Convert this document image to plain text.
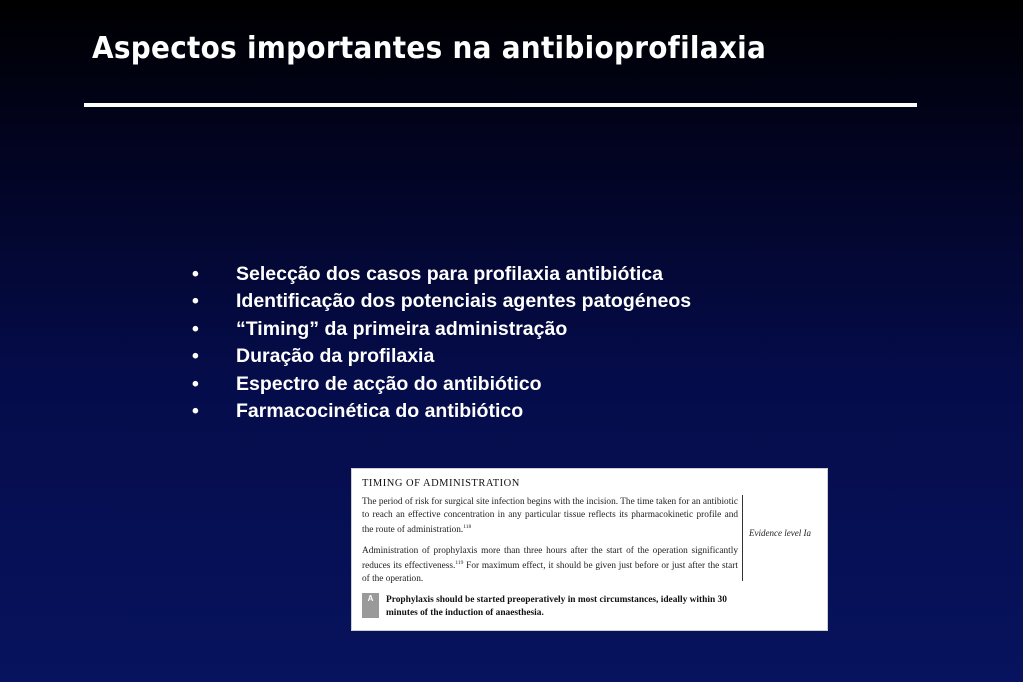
Aspectos importantes na antibioprofilaxia
•	Selecção dos casos para profilaxia antibiótica
•	Identificação dos potenciais agentes patogéneos
•	“Timing” da primeira administração
•	Duração da profilaxia
•	Espectro de acção do antibiótico
•	Farmacocinética do antibiótico
TIMING OF ADMINISTRATION

The period of risk for surgical site infection begins with the incision. The time taken for an antibiotic to reach an effective concentration in any particular tissue reflects its pharmacokinetic profile and the route of administration.$^{118}$

Administration of prophylaxis more than three hours after the start of the operation significantly reduces its effectiveness.$^{119}$ For maximum effect, it should be given just before or just after the start of the operation.

Evidence level Ia
A	Prophylaxis should be started preoperatively in most circumstances, ideally within 30 minutes of the induction of anaesthesia.
